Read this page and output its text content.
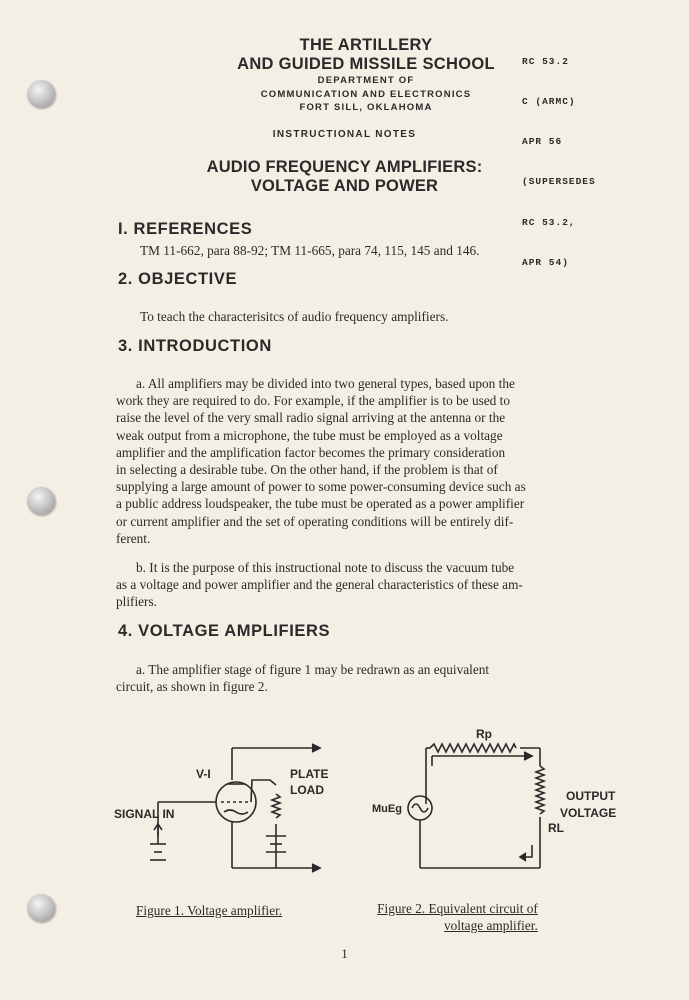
THE ARTILLERY
AND GUIDED MISSILE SCHOOL
DEPARTMENT OF
COMMUNICATION AND ELECTRONICS
FORT SILL, OKLAHOMA

RC 53.2

C (ARMC)

APR 56

(SUPERSEDES

RC 53.2,

APR 54)

INSTRUCTIONAL NOTES
AUDIO FREQUENCY AMPLIFIERS:
VOLTAGE AND POWER
I. REFERENCES
TM 11-662, para 88-92; TM 11-665, para 74, 115, 145 and 146.
2. OBJECTIVE
To teach the characterisitcs of audio frequency amplifiers.
3. INTRODUCTION
a. All amplifiers may be divided into two general types, based upon the
work they are required to do. For example, if the amplifier is to be used to
raise the level of the very small radio signal arriving at the antenna or the
weak output from a microphone, the tube must be employed as a voltage
amplifier and the amplification factor becomes the primary consideration
in selecting a desirable tube. On the other hand, if the problem is that of
supplying a large amount of power to some power-consuming device such as
a public address loudspeaker, the tube must be operated as a power amplifier
or current amplifier and the set of operating conditions will be entirely dif-
ferent.
b. It is the purpose of this instructional note to discuss the vacuum tube
as a voltage and power amplifier and the general characteristics of these am-
plifiers.
4. VOLTAGE AMPLIFIERS
a. The amplifier stage of figure 1 may be redrawn as an equivalent
circuit, as shown in figure 2.
V-I	PLATE
LOAD
SIGNAL IN
Rp
MuEg
OUTPUT
VOLTAGE
RL
Figure 1. Voltage amplifier.	Figure 2. Equivalent circuit of
voltage amplifier.
1
